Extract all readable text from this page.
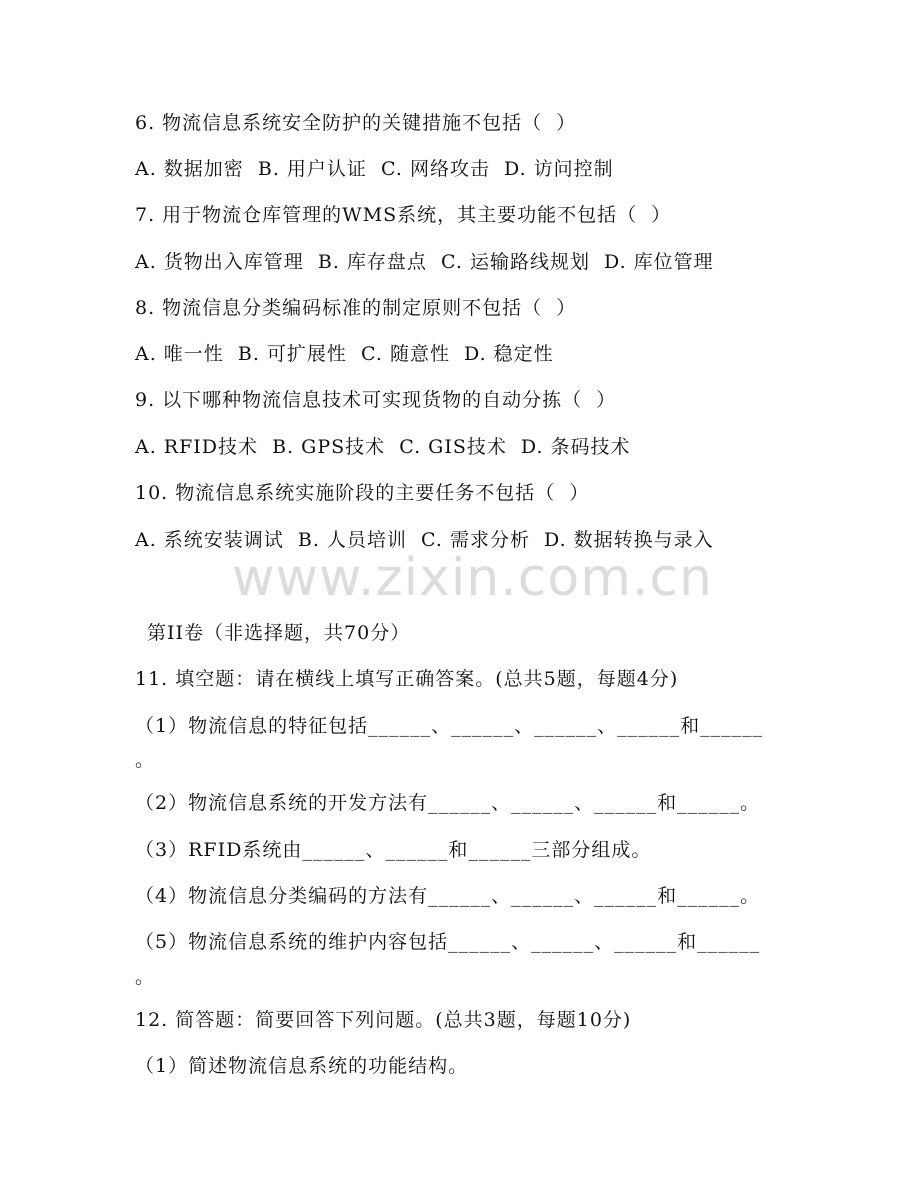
6. 物流信息系统安全防护的关键措施不包括（  ）
A. 数据加密  B. 用户认证  C. 网络攻击  D. 访问控制
7. 用于物流仓库管理的WMS系统，其主要功能不包括（  ）
A. 货物出入库管理  B. 库存盘点  C. 运输路线规划  D. 库位管理
8. 物流信息分类编码标准的制定原则不包括（  ）
A. 唯一性  B. 可扩展性  C. 随意性  D. 稳定性
9. 以下哪种物流信息技术可实现货物的自动分拣（  ）
A. RFID技术  B. GPS技术  C. GIS技术  D. 条码技术
10. 物流信息系统实施阶段的主要任务不包括（  ）
A. 系统安装调试  B. 人员培训  C. 需求分析  D. 数据转换与录入
www.zixin.com.cn
第II卷（非选择题，共70分）
11. 填空题：请在横线上填写正确答案。(总共5题，每题4分)
（1）物流信息的特征包括______、______、______、______和______
。
（2）物流信息系统的开发方法有______、______、______和______。
（3）RFID系统由______、______和______三部分组成。
（4）物流信息分类编码的方法有______、______、______和______。
（5）物流信息系统的维护内容包括______、______、______和______
。
12. 简答题：简要回答下列问题。(总共3题，每题10分)
（1）简述物流信息系统的功能结构。
